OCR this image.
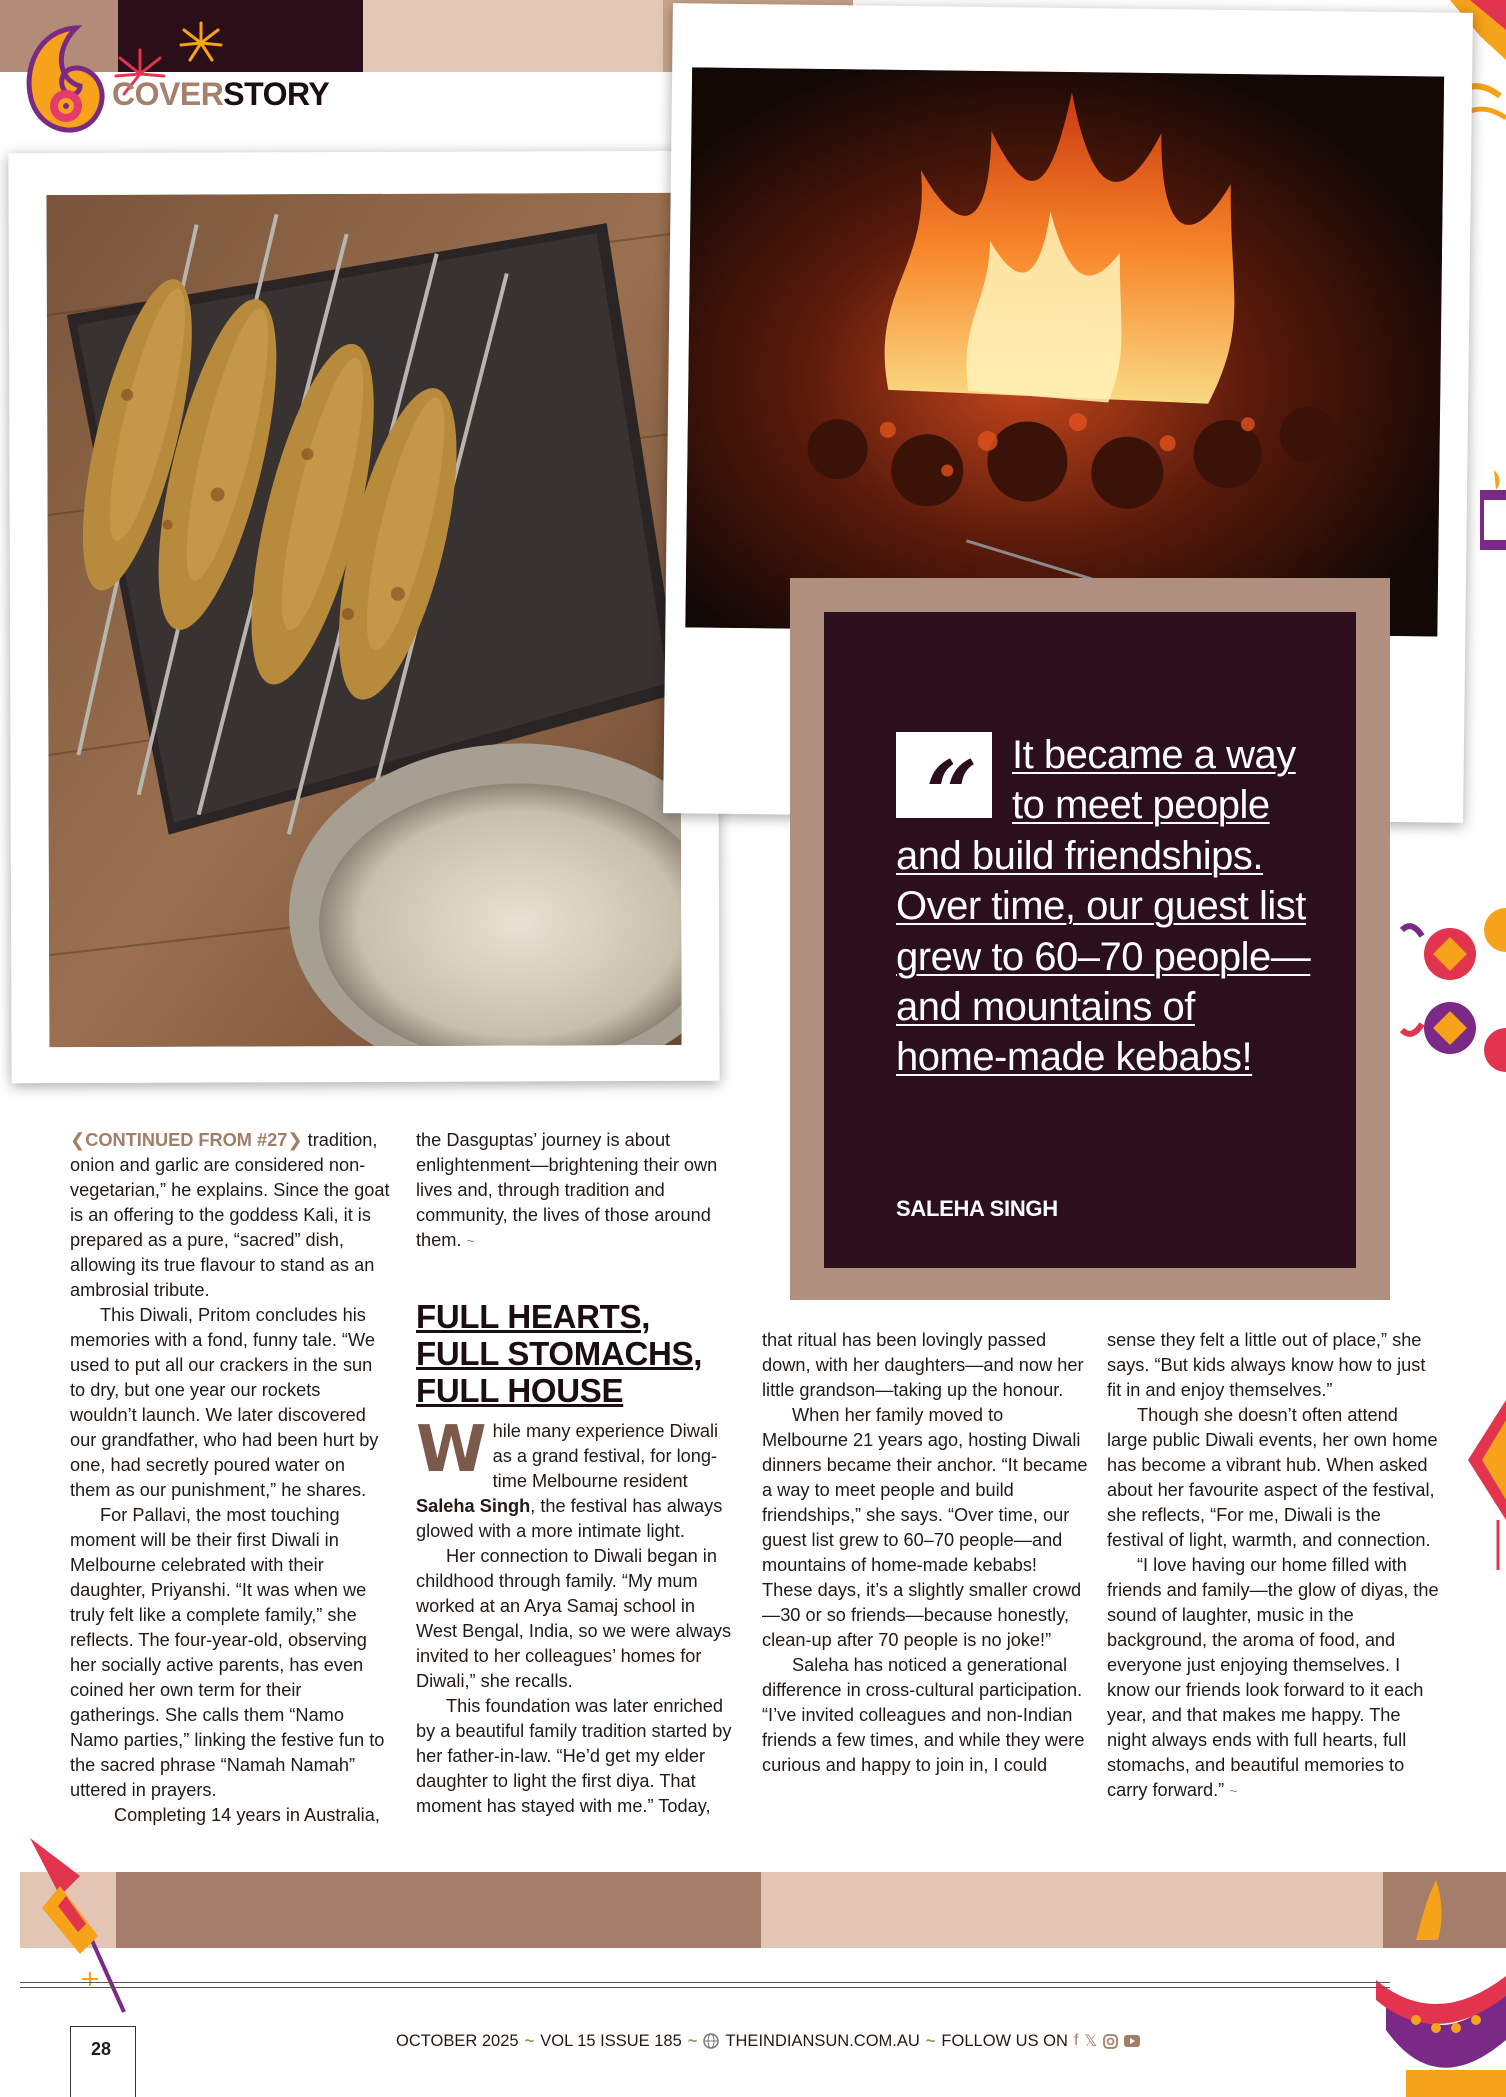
COVERSTORY
“ It became a way to meet people and build friendships. Over time, our guest list grew to 60–70 people—and mountains of home-made kebabs!
SALEHA SINGH

❮CONTINUED FROM #27❯ tradition, onion and garlic are considered non-vegetarian,” he explains. Since the goat is an offering to the goddess Kali, it is prepared as a pure, “sacred” dish, allowing its true flavour to stand as an ambrosial tribute.

This Diwali, Pritom concludes his memories with a fond, funny tale. “We used to put all our crackers in the sun to dry, but one year our rockets wouldn’t launch. We later discovered our grandfather, who had been hurt by one, had secretly poured water on them as our punishment,” he shares.

For Pallavi, the most touching moment will be their first Diwali in Melbourne celebrated with their daughter, Priyanshi. “It was when we truly felt like a complete family,” she reflects. The four-year-old, observing her socially active parents, has even coined her own term for their gatherings. She calls them “Namo Namo parties,” linking the festive fun to the sacred phrase “Namah Namah” uttered in prayers.

Completing 14 years in Australia,

the Dasguptas’ journey is about enlightenment—brightening their own lives and, through tradition and community, the lives of those around them. ~

FULL HEARTS, FULL STOMACHS, FULL HOUSE

While many experience Diwali as a grand festival, for long-time Melbourne resident Saleha Singh, the festival has always glowed with a more intimate light.

Her connection to Diwali began in childhood through family. “My mum worked at an Arya Samaj school in West Bengal, India, so we were always invited to her colleagues’ homes for Diwali,” she recalls.

This foundation was later enriched by a beautiful family tradition started by her father-in-law. “He’d get my elder daughter to light the first diya. That moment has stayed with me.” Today,

that ritual has been lovingly passed down, with her daughters—and now her little grandson—taking up the honour.

When her family moved to Melbourne 21 years ago, hosting Diwali dinners became their anchor. “It became a way to meet people and build friendships,” she says. “Over time, our guest list grew to 60–70 people—and mountains of home-made kebabs! These days, it’s a slightly smaller crowd—30 or so friends—because honestly, clean-up after 70 people is no joke!”

Saleha has noticed a generational difference in cross-cultural participation. “I’ve invited colleagues and non-Indian friends a few times, and while they were curious and happy to join in, I could

sense they felt a little out of place,” she says. “But kids always know how to just fit in and enjoy themselves.”

Though she doesn’t often attend large public Diwali events, her own home has become a vibrant hub. When asked about her favourite aspect of the festival, she reflects, “For me, Diwali is the festival of light, warmth, and connection.

“I love having our home filled with friends and family—the glow of diyas, the sound of laughter, music in the background, the aroma of food, and everyone just enjoying themselves. I know our friends look forward to it each year, and that makes me happy. The night always ends with full hearts, full stomachs, and beautiful memories to carry forward.” ~

28	OCTOBER 2025 ~ VOL 15 ISSUE 185 ~ THEINDIANSUN.COM.AU ~ FOLLOW US ON f 𝕏
